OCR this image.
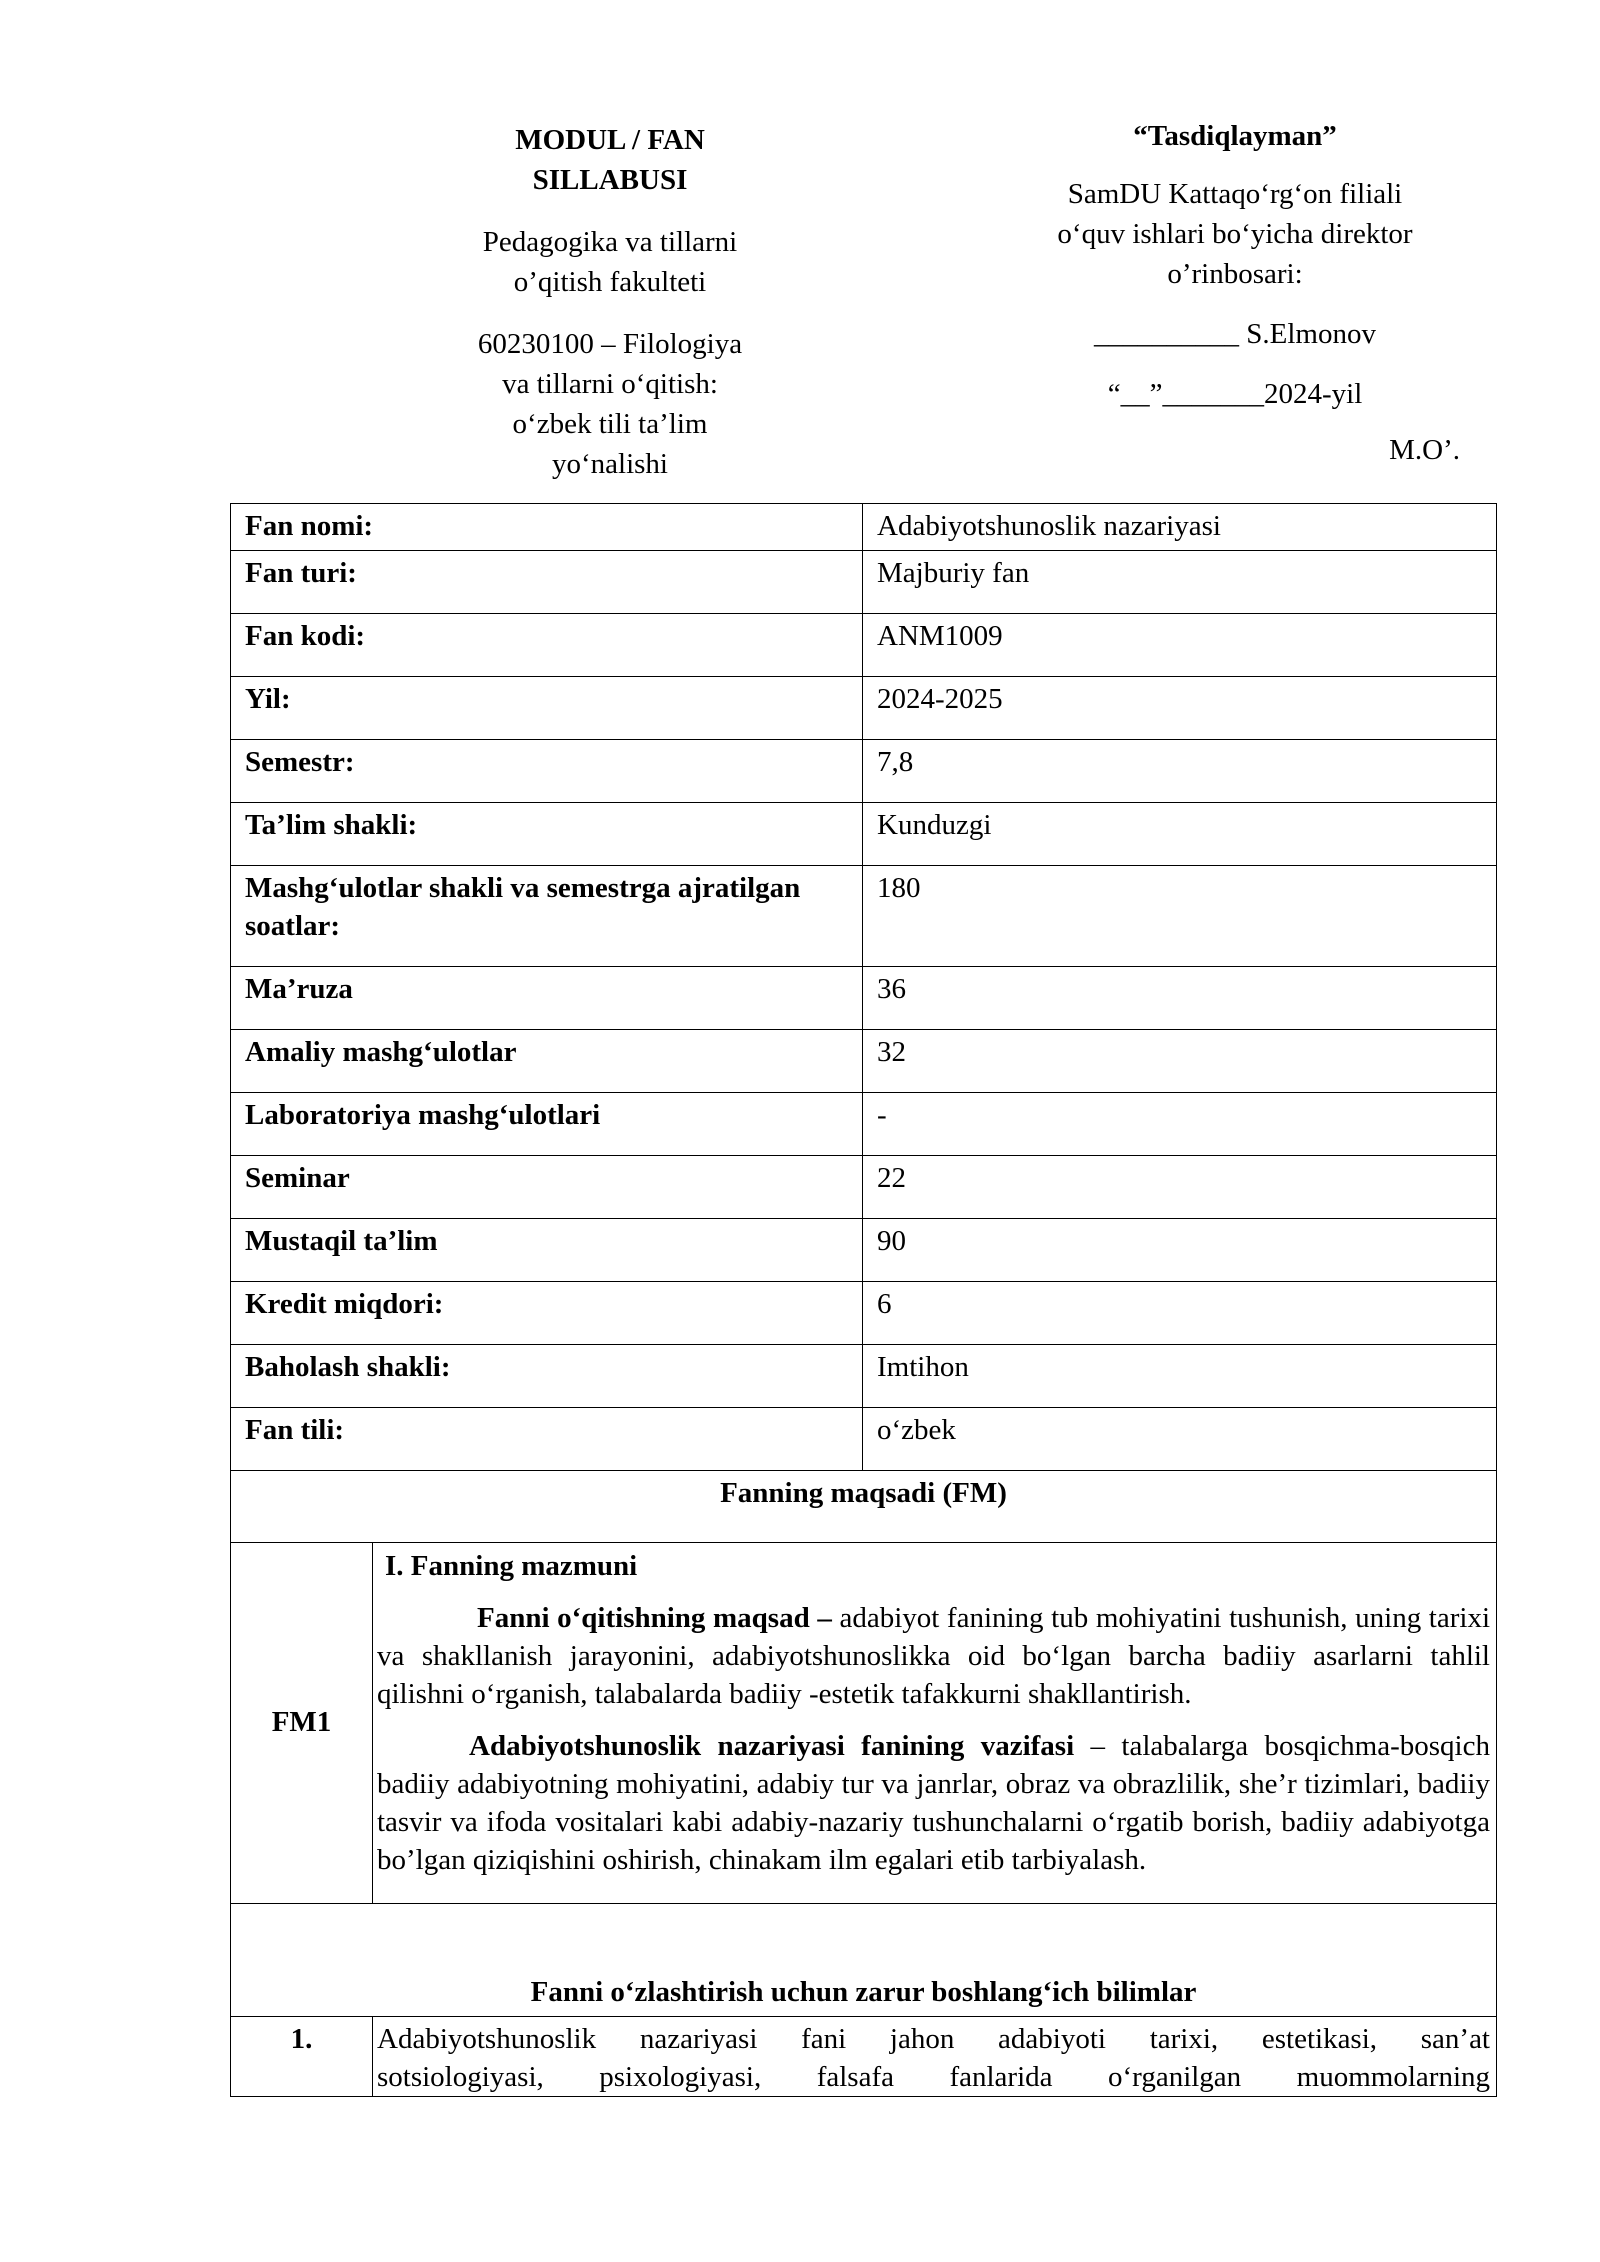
MODUL / FAN
SILLABUSI
Pedagogika va tillarni
o’qitish fakulteti
60230100 – Filologiya
va tillarni o‘qitish:
o‘zbek tili ta’lim
yo‘nalishi
“Tasdiqlayman”
SamDU Kattaqo‘rg‘on filiali
o‘quv ishlari bo‘yicha direktor
o’rinbosari:
__________ S.Elmonov
“__”_______2024-yil
M.O’.
Fan nomi:		Adabiyotshunoslik nazariyasi
Fan turi:		Majburiy fan
Fan kodi:		ANM1009
Yil:		2024-2025
Semestr:		7,8
Ta’lim shakli:		Kunduzgi
Mashg‘ulotlar shakli va semestrga ajratilgan soatlar:		180
Ma’ruza		36
Amaliy mashg‘ulotlar		32
Laboratoriya mashg‘ulotlari		-
Seminar		22
Mustaqil ta’lim		90
Kredit miqdori:		6
Baholash shakli:		Imtihon
Fan tili:		o‘zbek
Fanning maqsadi (FM)		
FM1	I. Fanning mazmuni

Fanni o‘qitishning maqsad – adabiyot fanining tub mohiyatini tushunish, uning tarixi va shakllanish jarayonini, adabiyotshunoslikka oid bo‘lgan barcha badiiy asarlarni tahlil qilishni o‘rganish, talabalarda badiiy -estetik tafakkurni shakllantirish.

Adabiyotshunoslik nazariyasi fanining vazifasi – talabalarga bosqichma-bosqich badiiy adabiyotning mohiyatini, adabiy tur va janrlar, obraz va obrazlilik, she’r tizimlari, badiiy tasvir va ifoda vositalari kabi adabiy-nazariy tushunchalarni o‘rgatib borish, badiiy adabiyotga bo’lgan qiziqishini oshirish, chinakam ilm egalari etib tarbiyalash.	

Fanni o‘zlashtirish uchun zarur boshlang‘ich bilimlar		
1.	Adabiyotshunoslik nazariyasi fani jahon adabiyoti tarixi, estetikasi, san’at
sotsiologiyasi, psixologiyasi, falsafa fanlarida o‘rganilgan muommolarning	
